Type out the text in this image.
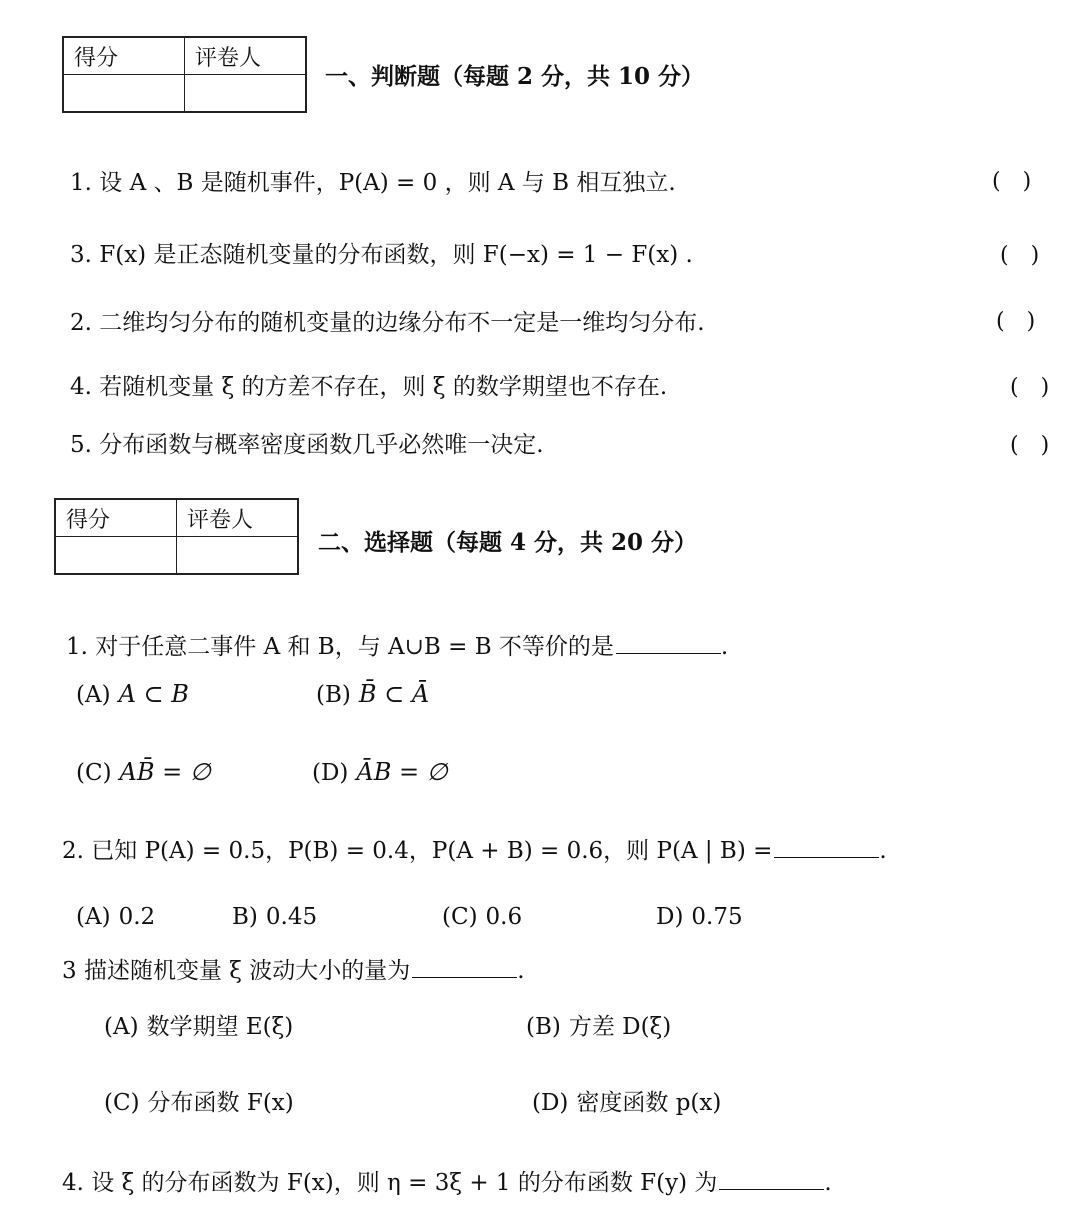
得分	评卷人

一、判断题（每题 2 分，共 10 分）
1. 设 A 、B 是随机事件，P(A) = 0 ，则 A 与 B 相互独立.	(　)
3. F(x) 是正态随机变量的分布函数，则 F(−x) = 1 − F(x) .	(　)
2. 二维均匀分布的随机变量的边缘分布不一定是一维均匀分布.	(　)
4. 若随机变量 ξ 的方差不存在，则 ξ 的数学期望也不存在.	(　)
5. 分布函数与概率密度函数几乎必然唯一决定.	(　)
得分	评卷人

二、选择题（每题 4 分，共 20 分）
1. 对于任意二事件 A 和 B，与 A∪B = B 不等价的是	.
(A) A ⊂ B	(B) B̄ ⊂ Ā
(C) AB̄ = ∅	(D) ĀB = ∅
2. 已知 P(A) = 0.5，P(B) = 0.4，P(A + B) = 0.6，则 P(A | B) =	.
(A) 0.2	B) 0.45	(C) 0.6	D) 0.75
3 描述随机变量 ξ 波动大小的量为	.
(A) 数学期望 E(ξ)	(B) 方差 D(ξ)
(C) 分布函数 F(x)	(D) 密度函数 p(x)
4. 设 ξ 的分布函数为 F(x)，则 η = 3ξ + 1 的分布函数 F(y) 为	.
